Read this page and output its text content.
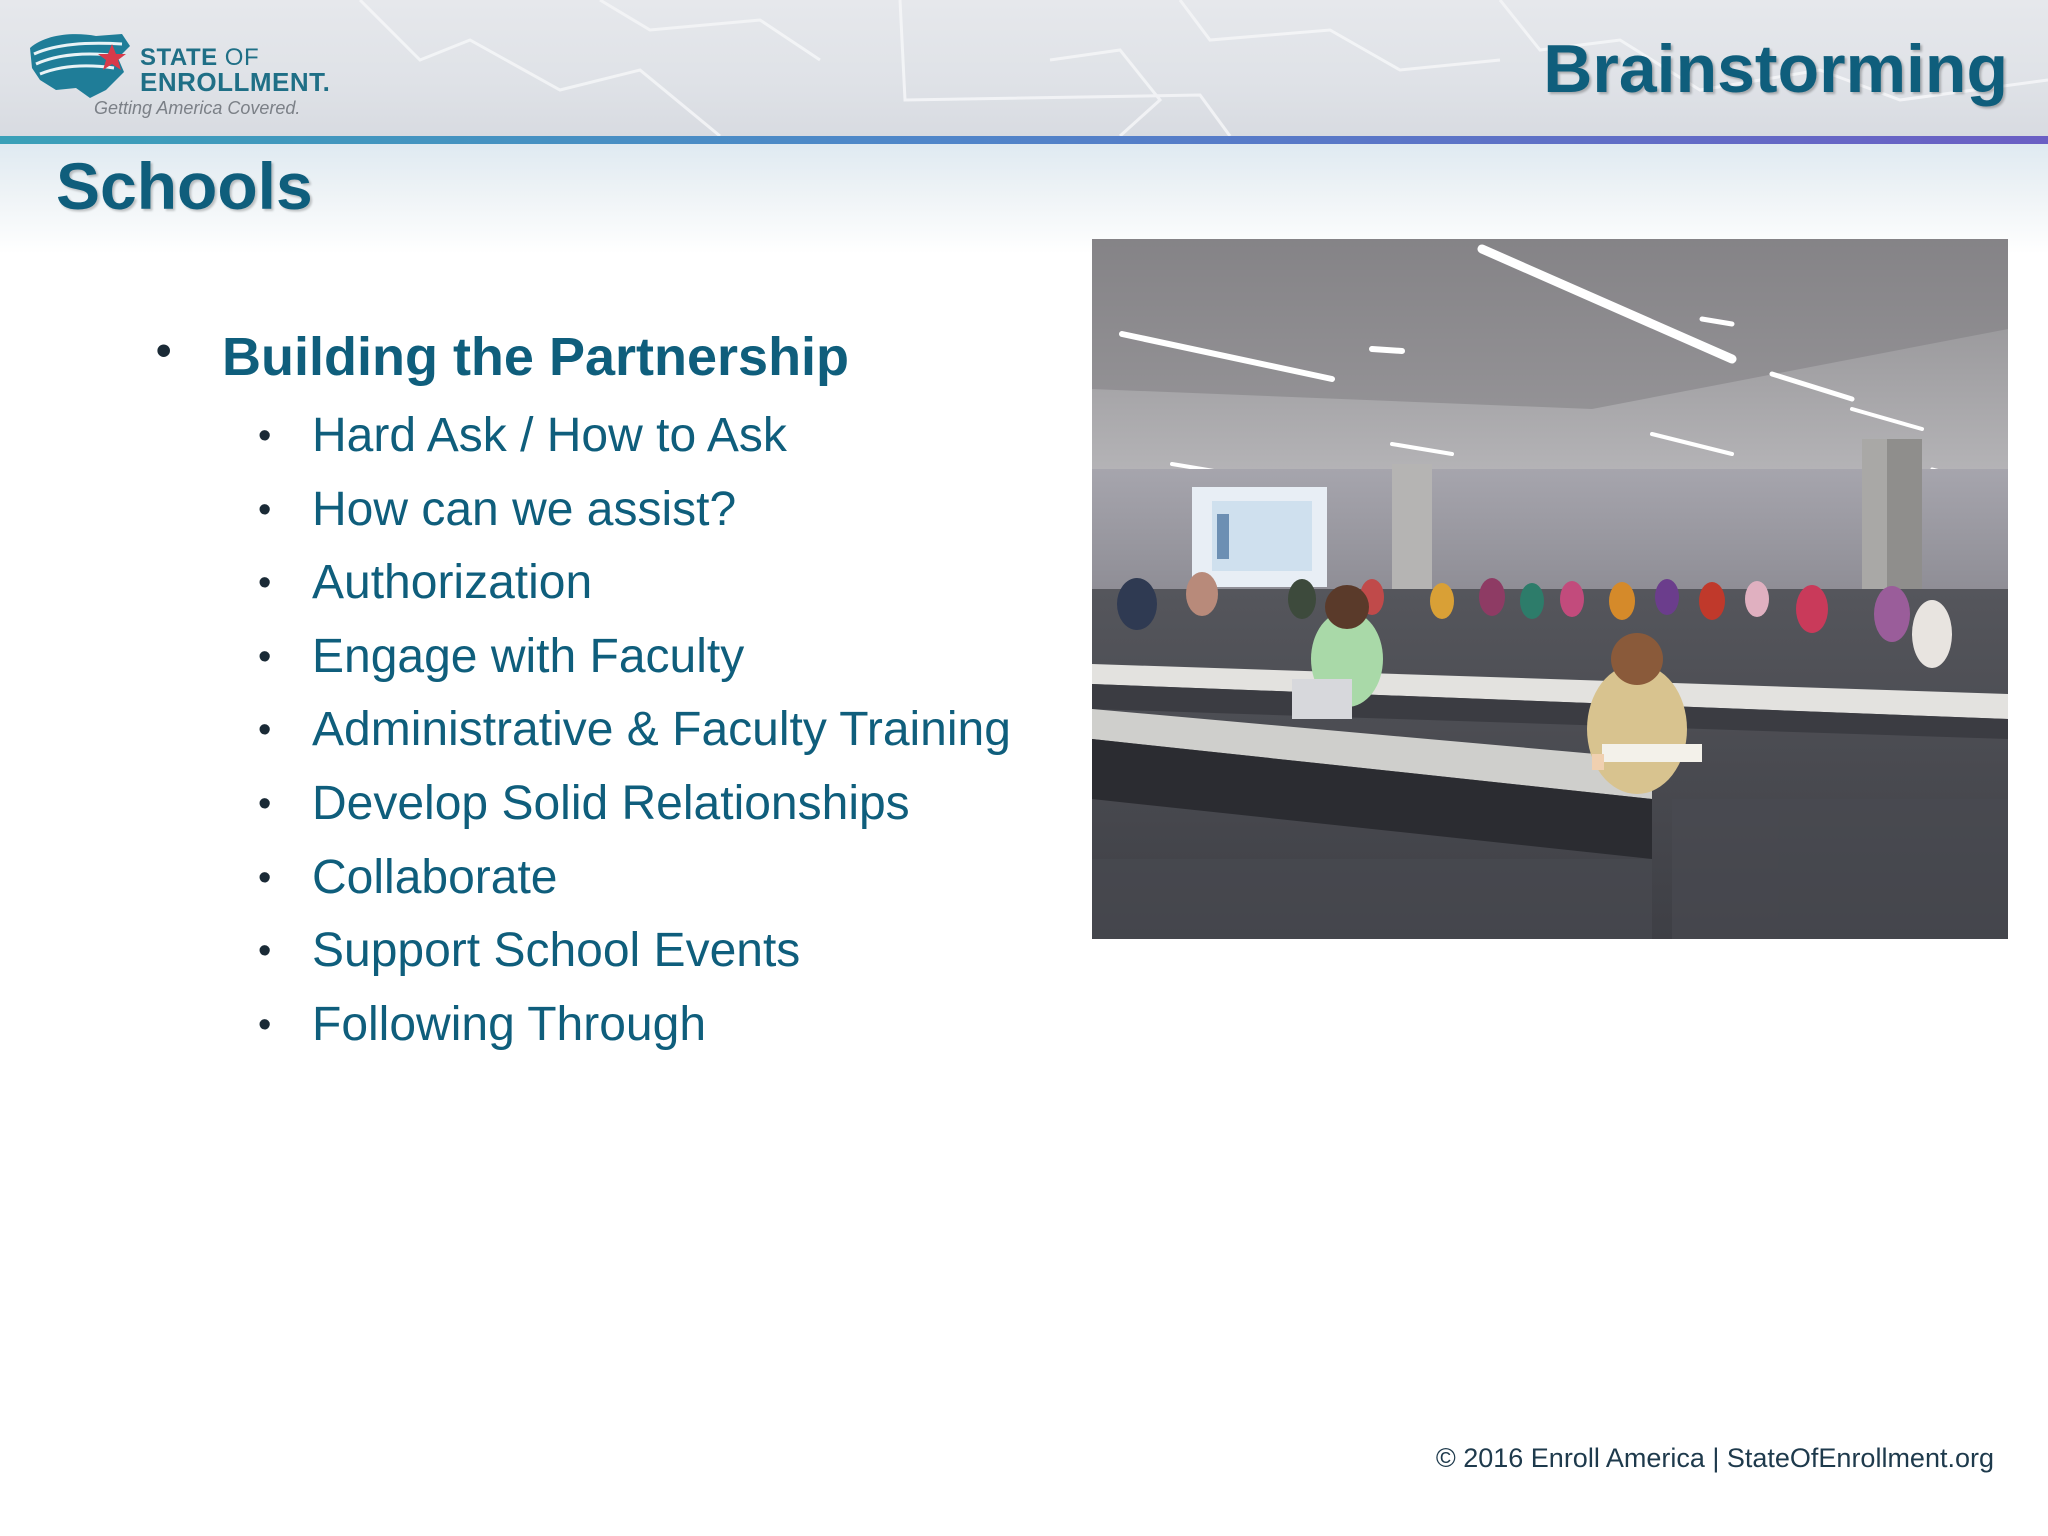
STATE OF
ENROLLMENT.
Getting America Covered.
Brainstorming
Schools
• Building the Partnership
• Hard Ask / How to Ask
• How can we assist?
• Authorization
• Engage with Faculty
• Administrative & Faculty Training
• Develop Solid Relationships
• Collaborate
• Support School Events
• Following Through
© 2016 Enroll America | StateOfEnrollment.org
